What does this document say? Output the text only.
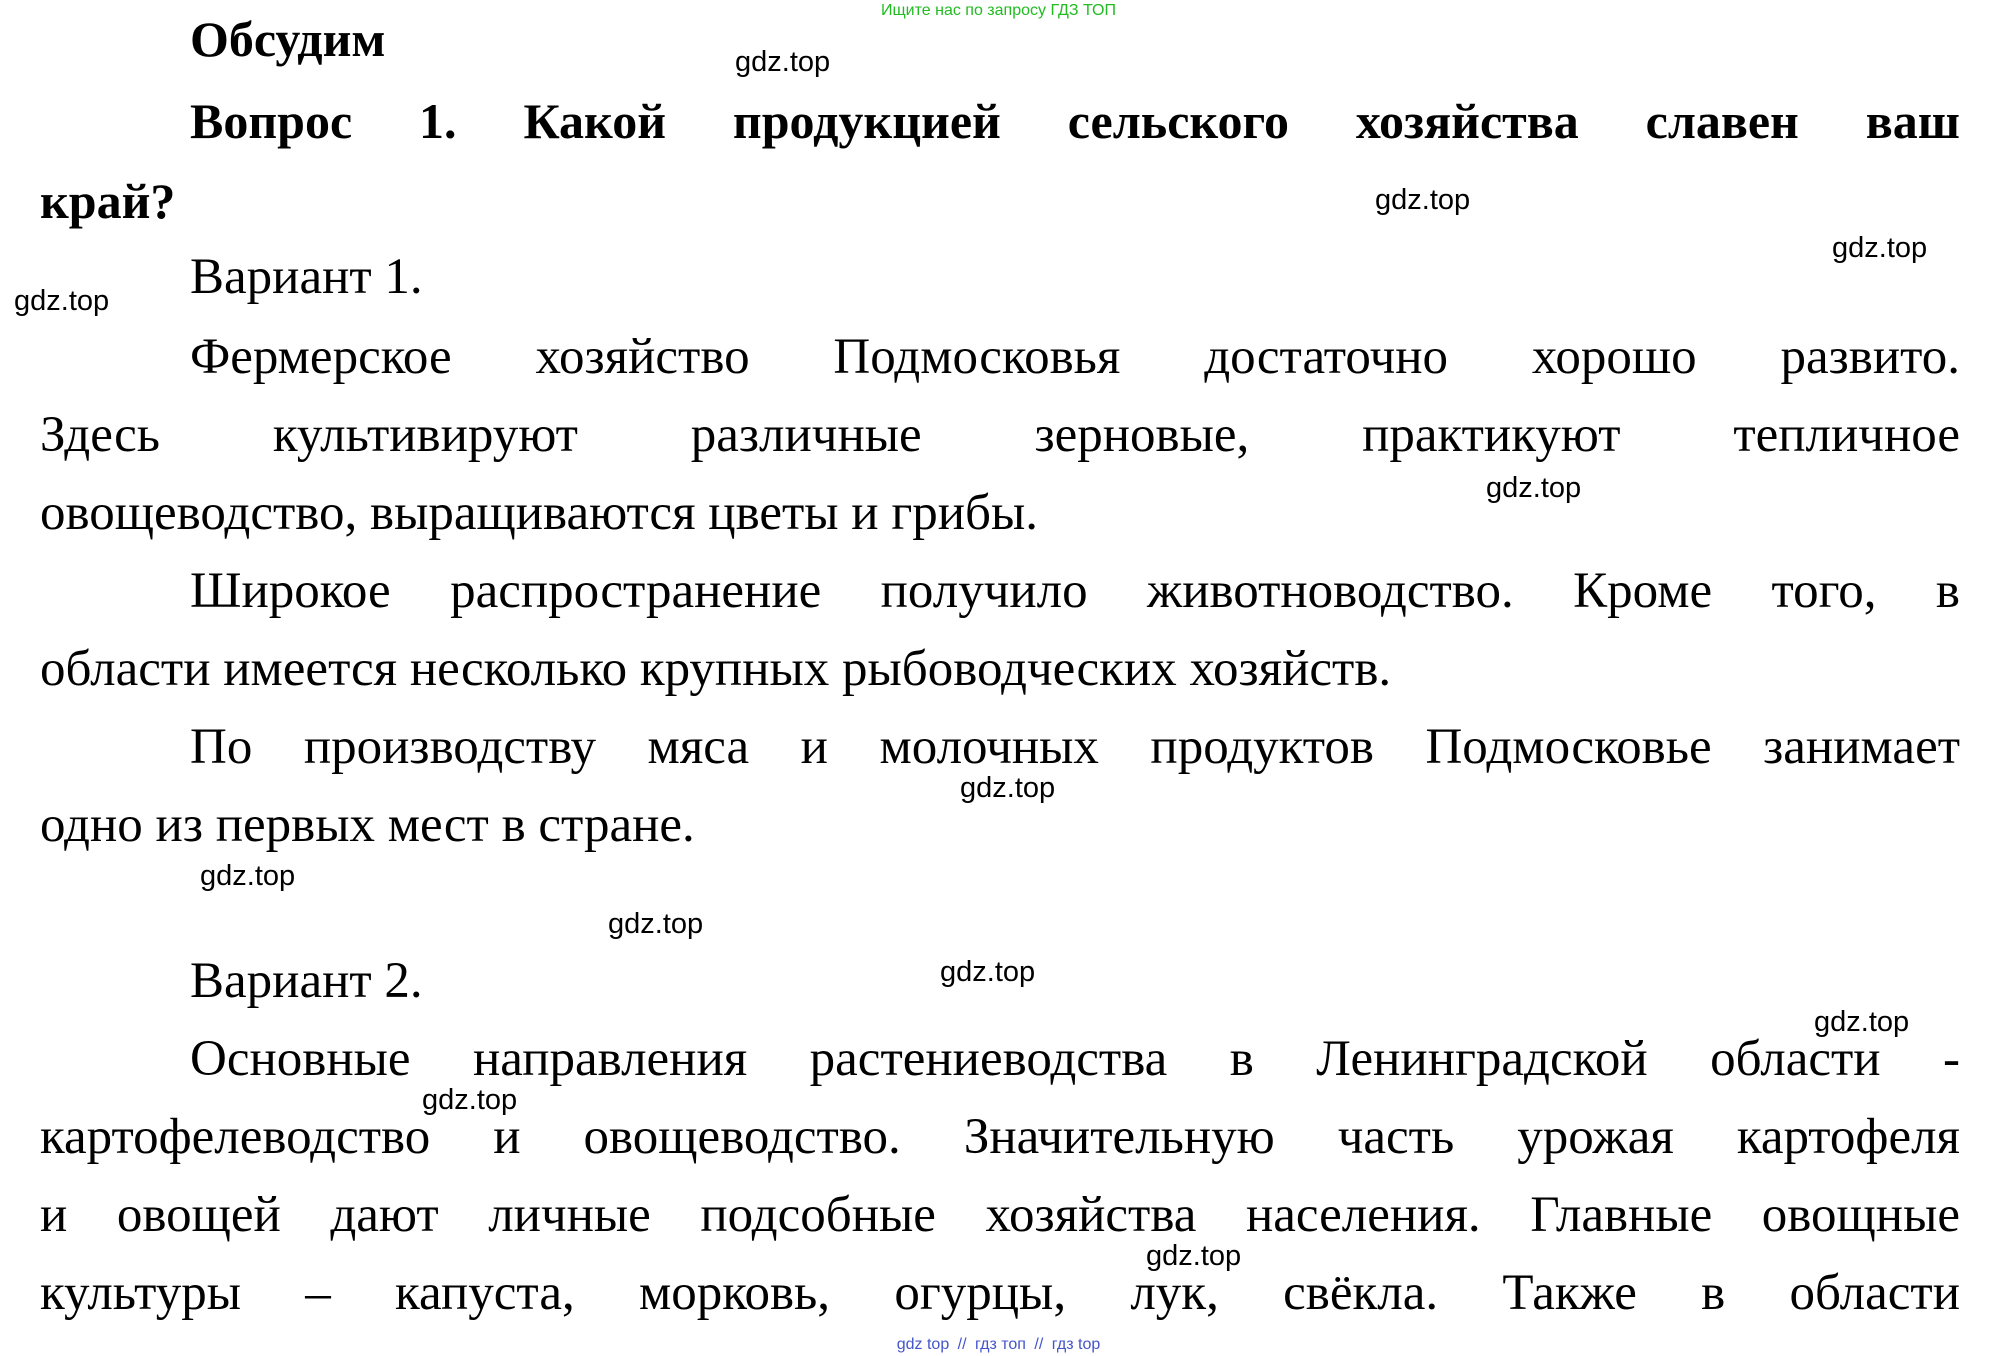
Ищите нас по запросу ГДЗ ТОП
Обсудим
Вопрос 1. Какой продукцией сельского хозяйства славен ваш
край?
Вариант 1.
Фермерское хозяйство Подмосковья достаточно хорошо развито.
Здесь культивируют различные зерновые, практикуют тепличное
овощеводство, выращиваются цветы и грибы.
Широкое распространение получило животноводство. Кроме того, в
области имеется несколько крупных рыбоводческих хозяйств.
По производству мяса и молочных продуктов Подмосковье занимает
одно из первых мест в стране.
Вариант 2.
Основные направления растениеводства в Ленинградской области -
картофелеводство и овощеводство. Значительную часть урожая картофеля
и овощей дают личные подсобные хозяйства населения. Главные овощные
культуры – капуста, морковь, огурцы, лук, свёкла. Также в области
gdz.top
gdz.top
gdz.top
gdz.top
gdz.top
gdz.top
gdz.top
gdz.top
gdz.top
gdz.top
gdz.top
gdz.top
gdz top // гдз топ // гдз top
